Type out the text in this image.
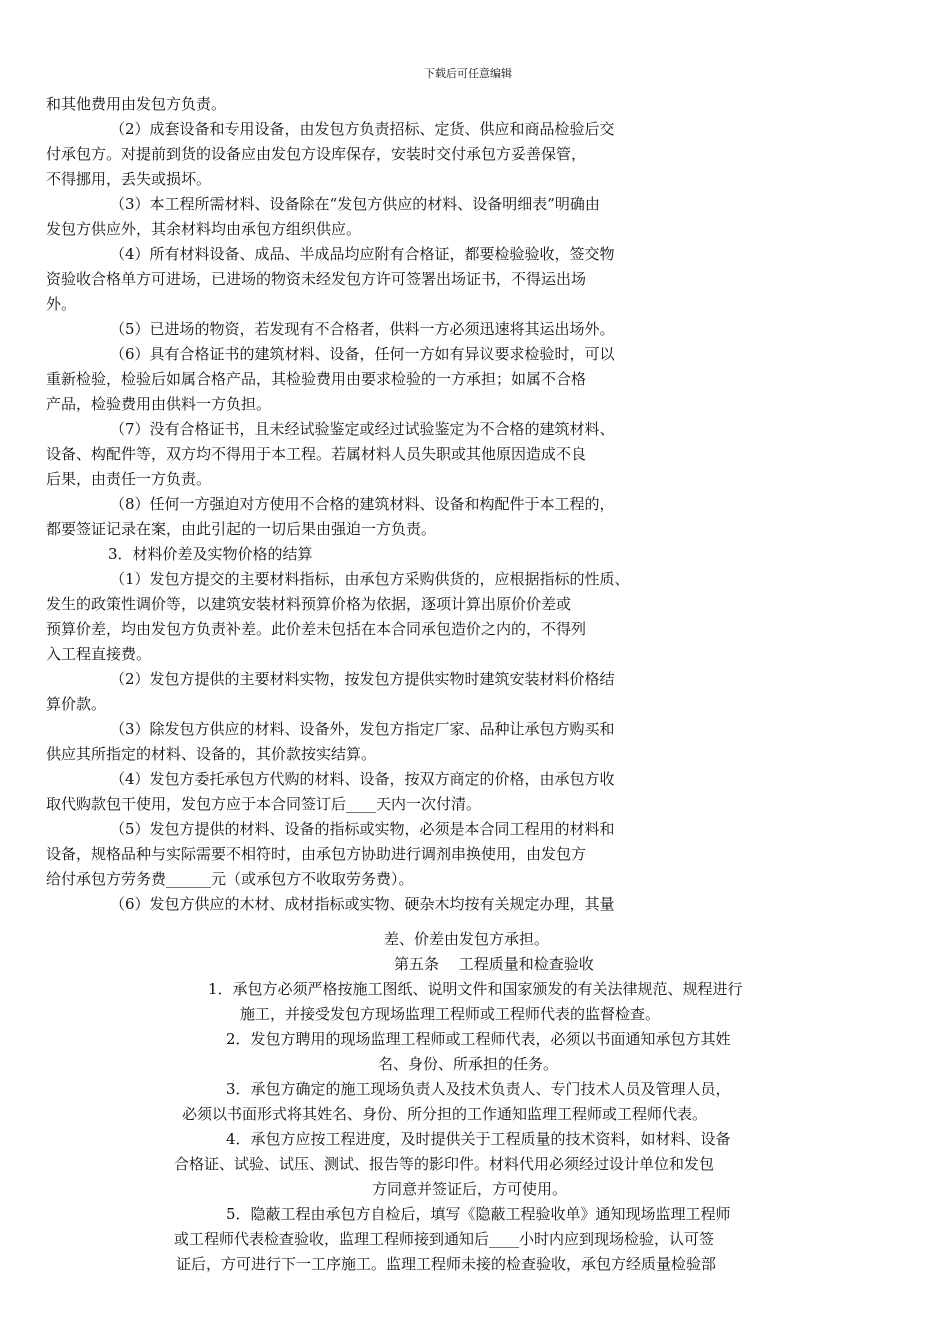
下载后可任意编辑
和其他费用由发包方负责。
（2）成套设备和专用设备，由发包方负责招标、定货、供应和商品检验后交
付承包方。对提前到货的设备应由发包方设库保存，安装时交付承包方妥善保管，
不得挪用，丢失或损坏。
（3）本工程所需材料、设备除在“发包方供应的材料、设备明细表”明确由
发包方供应外，其余材料均由承包方组织供应。
（4）所有材料设备、成品、半成品均应附有合格证，都要检验验收，签交物
资验收合格单方可进场，已进场的物资未经发包方许可签署出场证书，不得运出场
外。
（5）已进场的物资，若发现有不合格者，供料一方必须迅速将其运出场外。
（6）具有合格证书的建筑材料、设备，任何一方如有异议要求检验时，可以
重新检验，检验后如属合格产品，其检验费用由要求检验的一方承担；如属不合格
产品，检验费用由供料一方负担。
（7）没有合格证书，且未经试验鉴定或经过试验鉴定为不合格的建筑材料、
设备、构配件等，双方均不得用于本工程。若属材料人员失职或其他原因造成不良
后果，由责任一方负责。
（8）任何一方强迫对方使用不合格的建筑材料、设备和构配件于本工程的，
都要签证记录在案，由此引起的一切后果由强迫一方负责。
3．材料价差及实物价格的结算
（1）发包方提交的主要材料指标，由承包方采购供货的，应根据指标的性质、
发生的政策性调价等，以建筑安装材料预算价格为依据，逐项计算出原价价差或
预算价差，均由发包方负责补差。此价差未包括在本合同承包造价之内的，不得列
入工程直接费。
（2）发包方提供的主要材料实物，按发包方提供实物时建筑安装材料价格结
算价款。
（3）除发包方供应的材料、设备外，发包方指定厂家、品种让承包方购买和
供应其所指定的材料、设备的，其价款按实结算。
（4）发包方委托承包方代购的材料、设备，按双方商定的价格，由承包方收
取代购款包干使用，发包方应于本合同签订后____天内一次付清。
（5）发包方提供的材料、设备的指标或实物，必须是本合同工程用的材料和
设备，规格品种与实际需要不相符时，由承包方协助进行调剂串换使用，由发包方
给付承包方劳务费______元（或承包方不收取劳务费）。
（6）发包方供应的木材、成材指标或实物、硬杂木均按有关规定办理，其量
差、价差由发包方承担。
第五条　 工程质量和检查验收
1．承包方必须严格按施工图纸、说明文件和国家颁发的有关法律规范、规程进行
施工，并接受发包方现场监理工程师或工程师代表的监督检查。
2．发包方聘用的现场监理工程师或工程师代表，必须以书面通知承包方其姓
名、身份、所承担的任务。
3．承包方确定的施工现场负责人及技术负责人、专门技术人员及管理人员，
必须以书面形式将其姓名、身份、所分担的工作通知监理工程师或工程师代表。
4．承包方应按工程进度，及时提供关于工程质量的技术资料，如材料、设备
合格证、试验、试压、测试、报告等的影印件。材料代用必须经过设计单位和发包
方同意并签证后，方可使用。
5．隐蔽工程由承包方自检后，填写《隐蔽工程验收单》通知现场监理工程师
或工程师代表检查验收，监理工程师接到通知后____小时内应到现场检验，认可签
证后，方可进行下一工序施工。监理工程师未接的检查验收，承包方经质量检验部
